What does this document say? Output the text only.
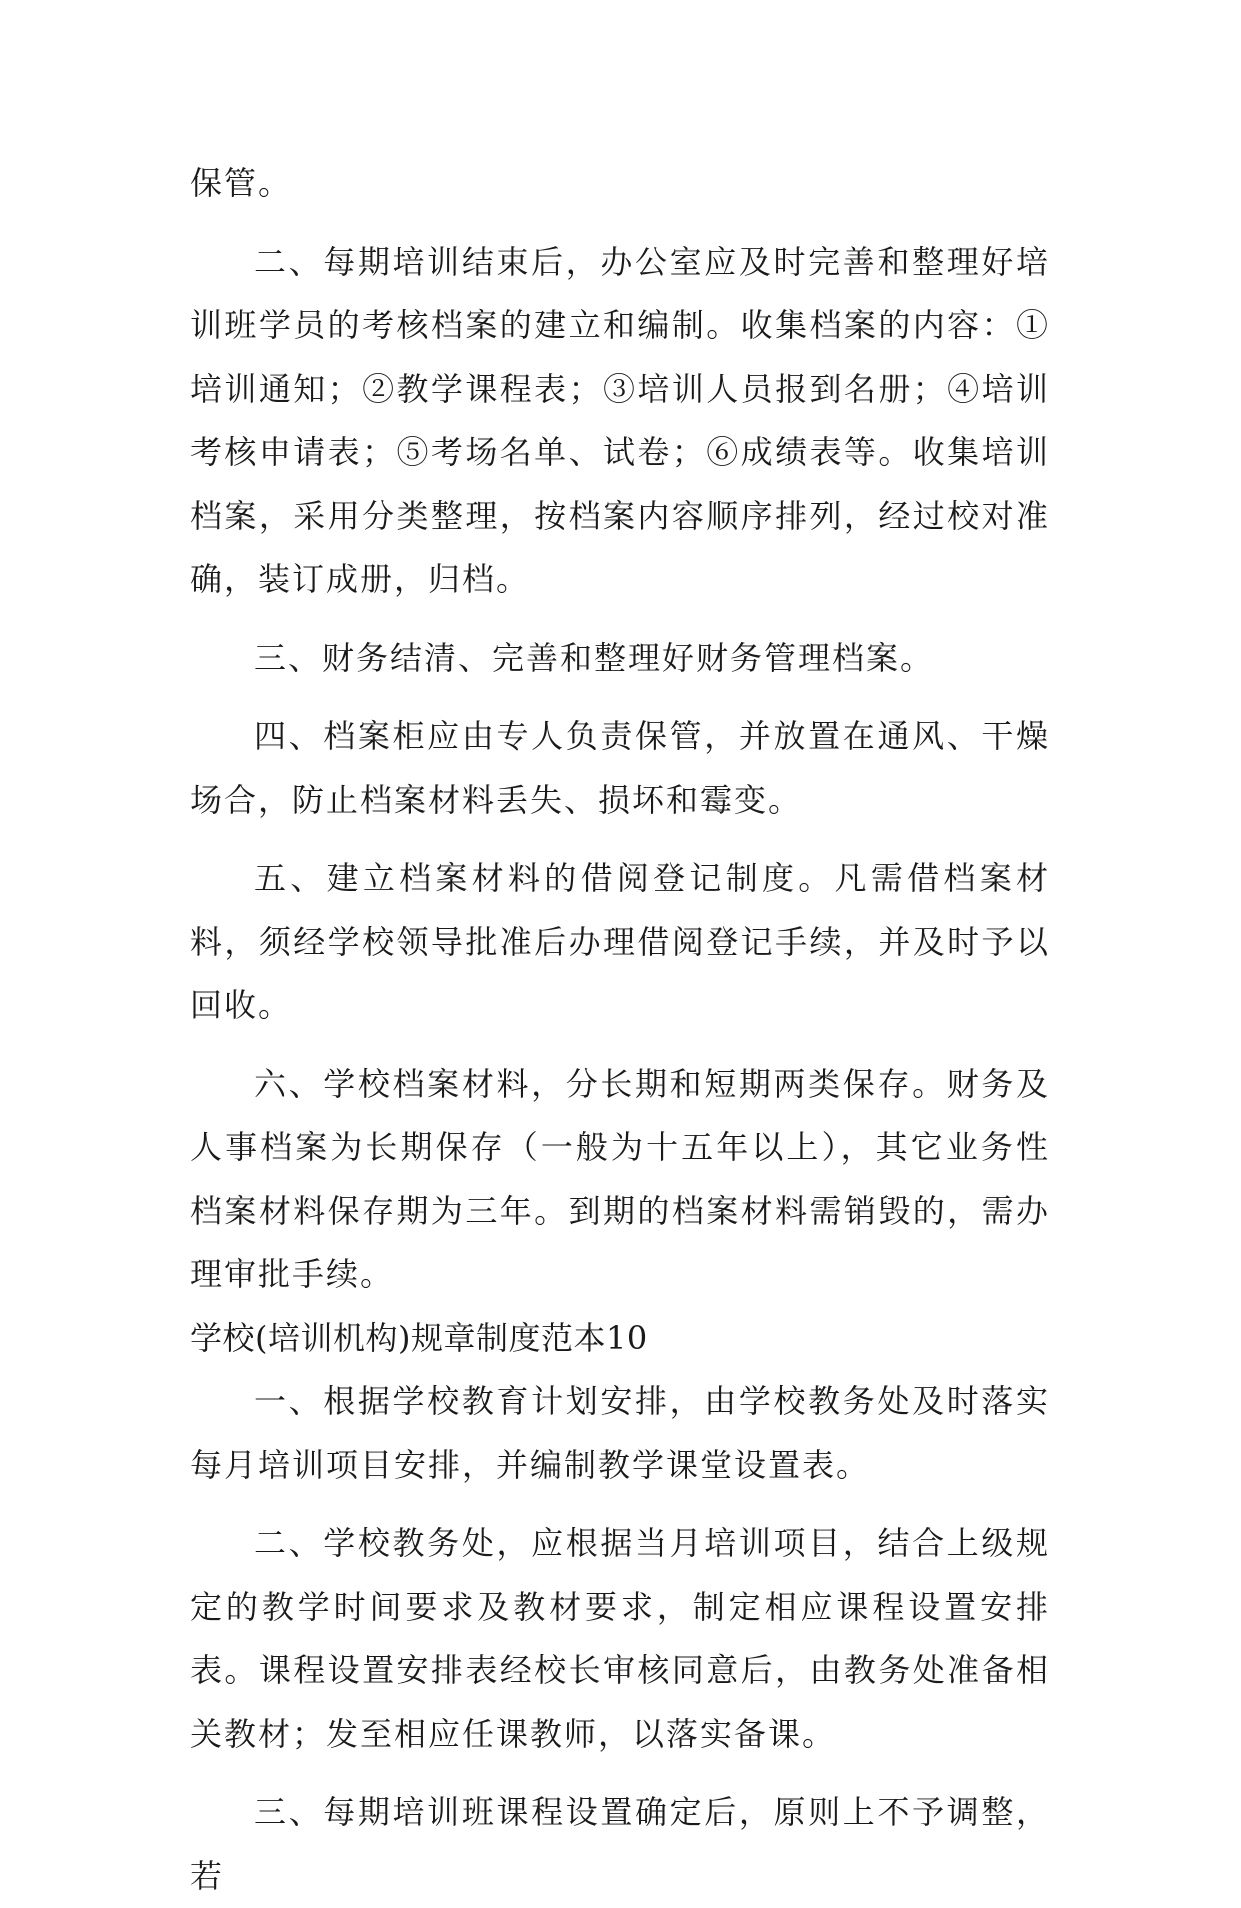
保管。

二、每期培训结束后，办公室应及时完善和整理好培训班学员的考核档案的建立和编制。收集档案的内容：①培训通知；②教学课程表；③培训人员报到名册；④培训考核申请表；⑤考场名单、试卷；⑥成绩表等。收集培训档案，采用分类整理，按档案内容顺序排列，经过校对准确，装订成册，归档。

三、财务结清、完善和整理好财务管理档案。

四、档案柜应由专人负责保管，并放置在通风、干燥场合，防止档案材料丢失、损坏和霉变。

五、建立档案材料的借阅登记制度。凡需借档案材料，须经学校领导批准后办理借阅登记手续，并及时予以回收。

六、学校档案材料，分长期和短期两类保存。财务及人事档案为长期保存（一般为十五年以上），其它业务性档案材料保存期为三年。到期的档案材料需销毁的，需办理审批手续。

学校(培训机构)规章制度范本10

一、根据学校教育计划安排，由学校教务处及时落实每月培训项目安排，并编制教学课堂设置表。

二、学校教务处，应根据当月培训项目，结合上级规定的教学时间要求及教材要求，制定相应课程设置安排表。课程设置安排表经校长审核同意后，由教务处准备相关教材；发至相应任课教师，以落实备课。

三、每期培训班课程设置确定后，原则上不予调整，若
